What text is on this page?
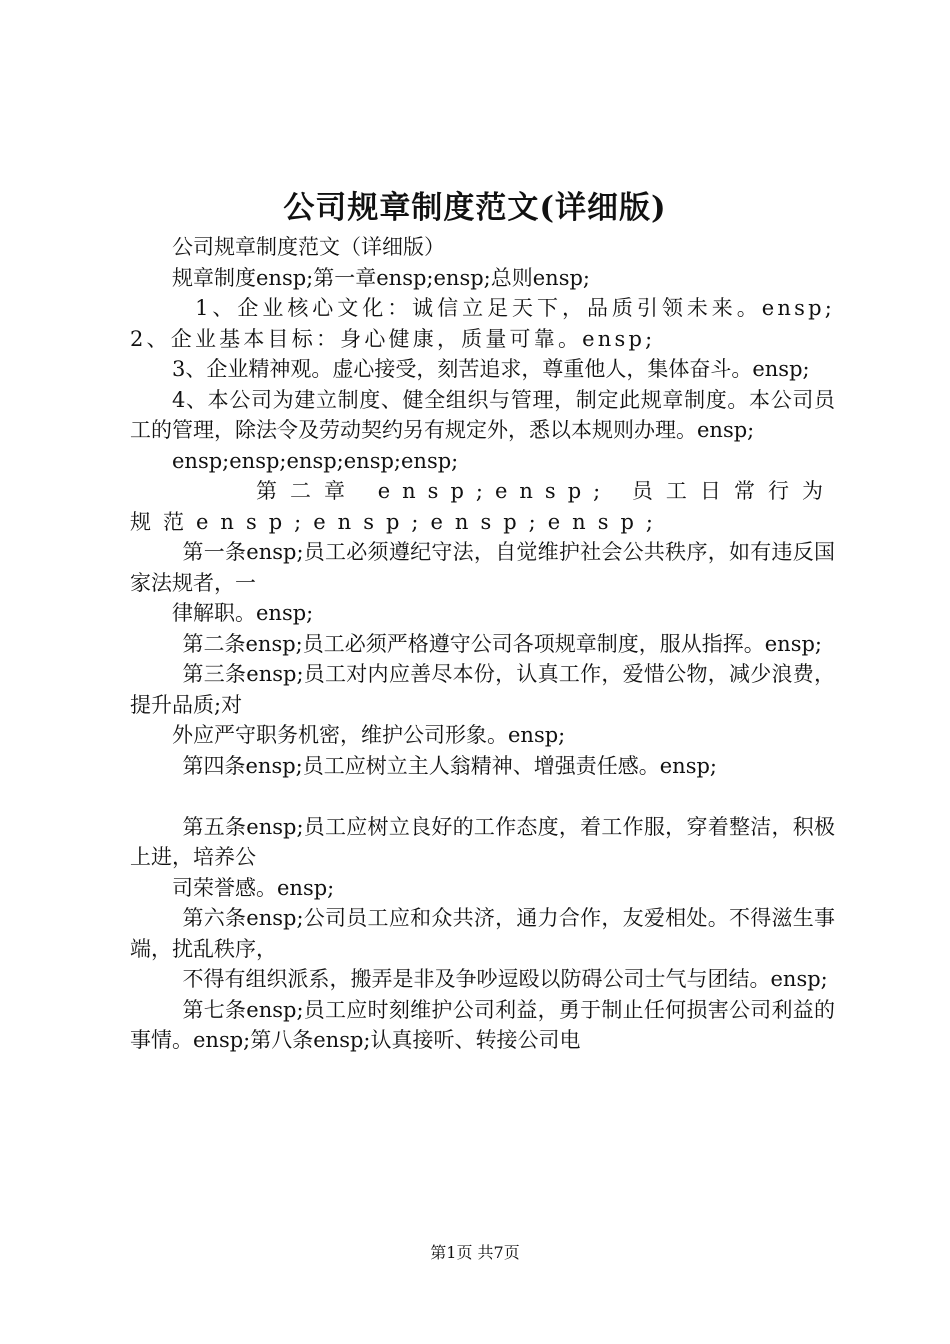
公司规章制度范文(详细版)

公司规章制度范文（详细版）

规章制度ensp;第一章ensp;ensp;总则ensp;

1、企业核心文化：诚信立足天下，品质引领未来。ensp;2、企业基本目标：身心健康，质量可靠。ensp;

3、企业精神观。虚心接受，刻苦追求，尊重他人，集体奋斗。ensp;

4、本公司为建立制度、健全组织与管理，制定此规章制度。本公司员工的管理，除法令及劳动契约另有规定外，悉以本规则办理。ensp;

ensp;ensp;ensp;ensp;ensp;

第二章 ensp;ensp; 员工日常行为规范ensp;ensp;ensp;ensp;

第一条ensp;员工必须遵纪守法，自觉维护社会公共秩序，如有违反国家法规者，一

律解职。ensp;

第二条ensp;员工必须严格遵守公司各项规章制度，服从指挥。ensp;

第三条ensp;员工对内应善尽本份，认真工作，爱惜公物，减少浪费，提升品质;对

外应严守职务机密，维护公司形象。ensp;

第四条ensp;员工应树立主人翁精神、增强责任感。ensp;

第五条ensp;员工应树立良好的工作态度，着工作服，穿着整洁，积极上进，培养公

司荣誉感。ensp;

第六条ensp;公司员工应和众共济，通力合作，友爱相处。不得滋生事端，扰乱秩序，

不得有组织派系，搬弄是非及争吵逗殴以防碍公司士气与团结。ensp;

第七条ensp;员工应时刻维护公司利益，勇于制止任何损害公司利益的事情。ensp;第八条ensp;认真接听、转接公司电

第1页 共7页
